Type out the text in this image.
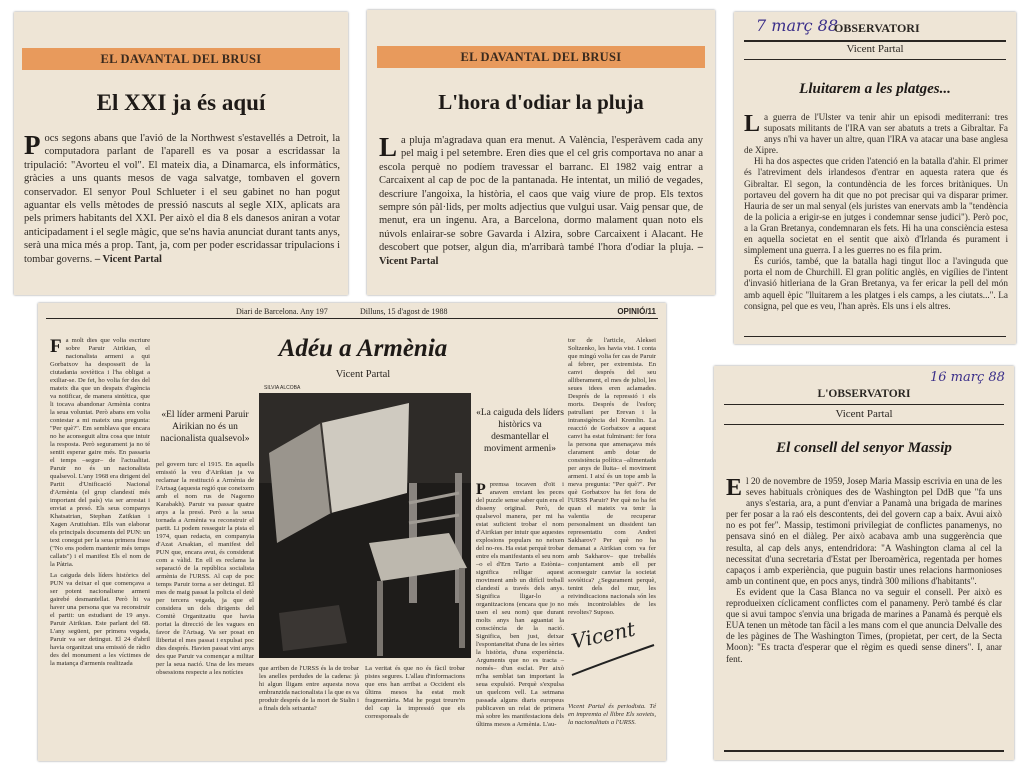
EL DAVANTAL DEL BRUSI
El XXI ja és aquí
Pocs segons abans que l'avió de la Northwest s'estavellés a Detroit, la computadora parlant de l'aparell es va posar a escridassar la tripulació: "Avorteu el vol". El mateix dia, a Dinamarca, els informàtics, gràcies a uns quants mesos de vaga salvatge, tombaven el govern conservador. El senyor Poul Schlueter i el seu gabinet no han pogut aguantar els vells mètodes de pressió nascuts al segle XIX, aplicats ara pels primers habitants del XXI. Per això el dia 8 els danesos aniran a votar anticipadament i el segle màgic, que se'ns havia anunciat durant tants anys, serà una mica més a prop. Tant, ja, com per poder escridassar tripulacions i tombar governs. – Vicent Partal
EL DAVANTAL DEL BRUSI
L'hora d'odiar la pluja
La pluja m'agradava quan era menut. A València, l'esperàvem cada any pel maig i pel setembre. Eren dies que el cel gris comportava no anar a escola perquè no podíem travessar el barranc. El 1982 vaig entrar a Carcaixent al cap de poc de la pantanada. He intentat, un milió de vegades, descriure l'angoixa, la història, el caos que vaig viure de prop. Els textos sempre són pàl·lids, per molts adjectius que vulgui usar. Vaig pensar que, de menut, era un ingenu. Ara, a Barcelona, dormo malament quan noto els núvols enlairar-se sobre Gavarda i Alzira, sobre Carcaixent i Alacant. He descobert que potser, algun dia, m'arribarà també l'hora d'odiar la pluja. – Vicent Partal
7 març 88
OBSERVATORI
Vicent Partal
Lluitarem a les platges...
La guerra de l'Ulster va tenir ahir un episodi mediterrani: tres suposats militants de l'IRA van ser abatuts a trets a Gibraltar. Fa anys n'hi va haver un altre, quan l'IRA va atacar una base anglesa de Xipre.
Hi ha dos aspectes que criden l'atenció en la batalla d'ahir. El primer és l'atreviment dels irlandesos d'entrar en aquesta ratera que és Gibraltar. El segon, la contundència de les forces britàniques. Un portaveu del govern ha dit que no pot precisar qui va disparar primer. Hauria de ser un mal senyal (els juristes van enervats amb la "tendència de la policia a erigir-se en jutges i condemnar sense judici"). Però poc, a la Gran Bretanya, condemnaran els fets. Hi ha una consciència estesa en aquella societat en el sentit que això d'Irlanda és purament i simplement una guerra. I a les guerres no es fila prim.
És curiós, també, que la batalla hagi tingut lloc a l'avinguda que porta el nom de Churchill. El gran polític anglès, en vigílies de l'intent d'invasió hitleriana de la Gran Bretanya, va fer ericar la pell del món amb aquell èpic "lluitarem a les platges i els camps, a les ciutats...". La consigna, pel que es veu, l'han après. Els uns i els altres.
Diari de Barcelona. Any 197	Dilluns, 15 d'agost de 1988	OPINIÓ/11
Adéu a Armènia
Vicent Partal
Fa molt dies que volia escriure sobre Paruir Airikian, el nacionalista armeni a qui Gorbatxov ha desposseït de la ciutadania soviètica i l'ha obligat a exiliar-se. De fet, ho volia fer des del mateix dia que un despatx d'agència va notificar, de manera sintètica, que li tocava abandonar Armènia contra la seua voluntat. Però abans em volia contestar a mi mateix una pregunta: "Per què?". Em semblava que encara no he aconseguit altra cosa que intuir la resposta. Però segurament ja no té sentit esperar gaire més. En passaria el temps –segur– de l'actualitat. Paruir no és un nacionalista qualsevol. L'any 1968 era dirigent del Partit d'Unificació Nacional d'Armènia (el grup clandestí més important del país) via ser arrestat i enviat a presó. Els seus companys Khatsatrian, Stephan Zatikian i Xagen Arutiuhian. Ells van elaborar els principals documents del PUN: un text conegut per la seua primera frase ("No ens podem mantenir més temps callats") i el manifest Els el nom de la Pàtria.
La caiguda dels líders històrics del PUN va deixar el que començava a ser potent nacionalisme armeni gairebé desmantellat. Però hi va haver una persona que va reconstruir el partit: un estudiant de 19 anys. Paruir Airikian. Este parlant del 68. L'any següent, per primera vegada, Paruir va ser detingut. El 24 d'abril havia organitzat una emissió de ràdio des del monument a les víctimes de la matança d'armenis realitzada
«El líder armeni Paruir Airikian no és un nacionalista qualsevol»
SILVIA ALCOBA
pel govern turc el 1915. En aquells emissió la veu d'Airikian ja va reclamar la restitució a Armènia de l'Artsag (aquesta regió que coneixem amb el nom rus de Nagorno Karabakh). Paruir va passar quatre anys a la presó. Però a la seua tornada a Armènia va reconstruir el partit. Li podem resseguir la pista el 1974, quan redacta, en companyia d'Azat Arsakian, el manifest del PUN que, encara avui, és considerat com a vàlid. En ell es reclama la separació de la república socialista armènia de l'URSS. Al cap de poc temps Paruir torna a ser detingut. El mes de maig passat la policia el detè per tercera vegada, ja que el considera un dels dirigents del Comitè Organitzatiu que havia portat la direcció de les vagues en favor de l'Artsag. Va ser posat en llibertat el mes passat i expulsat poc dies després. Havien passat vint anys des que Paruir va començar a militar per la seua nació. Una de les meues obsessions respecte a les notícies
que arriben de l'URSS és la de trobar les anelles perdudes de la cadena: jà hi algun lligam entre aquesta nova embranzida nacionalista i la que es va produir després de la mort de Stalin i a finals dels seixanta?
La veritat és que no és fàcil trobar pistes segures. L'allau d'informacions que ens han arribat a Occident els últims mesos ha estat molt fragmentària. Mai he pogut treure'm del cap la impressió que els corresponsals de
«La caiguda dels líders històrics va desmantellar el moviment armeni»
Ppremsa tocaven d'oït i anaven enviant les peces del puzzle sense saber quin era el disseny original. Però, de qualsevol manera, per mi ha estat suficient trobar el nom d'Airikian per intuir que aquestes explosions populars no neixen del no-res. Ha estat perquè trobar entre els manifestants el seu nom –o el d'Ern Tarto a Estònia– significa relligar aquest moviment amb un difícil treball clandestí a través dels anys. Significa lligar-lo a organitzacions (encara que jo no usen el seu nom) que durant molts anys han aguantat la consciència de la nació. Significa, ben just, deixar l'espontaneïtat d'una de les sèries la història, d'una experiència. Arguments que no es tracta –només– d'un esclat. Per això m'ha semblat tan important la seua expulsió. Perquè s'expulsa un quelcom vell. La setmana passada alguns diaris europeus publicaven un relat de primera mà sobre les manifestacions dels últims mesos a Armènia. L'au-
tor de l'article, Aleksei Soltzenko, les havia vist. I conta que mingú volia fer cas de Paruir al febrer, per extremista. En canvi després del seu alliberament, el mes de juliol, les seues idees eren aclamades. Després de la repressió i els morts. Després de l'esforç patrullant per Erevan i la intransigència del Kremlin. La reacció de Gorbatxov a aquest canvi ha estat fulminant: fer fora la persona que amenaçava més clarament amb dotar de consistència política –alimentada per anys de lluita– el moviment armeni. I així és un tope amb la meva pregunta: "Per què?". Per què Gorbatxov ha fet fora de l'URSS Paruir? Per què no ha fet quan el mateix va tenir la valentia de recuperar personalment un dissident tan representatiu com Andrei Sakharov? Per què no ha demanat a Airikian com va fer amb Sakharov– que treballés conjuntament amb ell per aconseguir canviar la societat soviètica? ¿Segurament perquè, tenint dels del mur, les reivindicacions nacionals són les més incontrolables de les revoltes? Suposo.
Vicent
Vicent Partal és periodista. Té en impremta el llibre Els soviets, la nacionalitats a l'URSS.
16 març 88
L'OBSERVATORI
Vicent Partal
El consell del senyor Massip
El 20 de novembre de 1959, Josep Maria Massip escrivia en una de les seves habituals cròniques des de Washington pel DdB que "fa uns anys s'estaria, ara, a punt d'enviar a Panamà una brigada de marines per fer posar a la raó els descontents, dei del govern cap a baix. Avui això no es pot fer". Massip, testimoni privilegiat de conflictes panamenys, no pensava sinó en el diàleg. Per això acabava amb una suggerència que resulta, al cap dels anys, entendridora: "A Washington clama al cel la necessitat d'una secretaria d'Estat per Iberoamèrica, regentada per homes capaços i amb experiència, que puguin bastir unes relacions harmonioses amb un continent que, en pocs anys, tindrà 300 milions d'habitants".
Es evident que la Casa Blanca no va seguir el consell. Per això es reprodueixen cíclicament conflictes com el panameny. Però també és clar que si avui tampoc s'envia una brigada de marines a Panamà és perquè els EUA tenen un mètode tan fàcil a les mans com el que anuncia Delvalle des de les pàgines de The Washington Times, (propietat, per cert, de la Secta Moon): "Es tracta d'esperar que el règim es quedi sense diners". I, anar fent.
